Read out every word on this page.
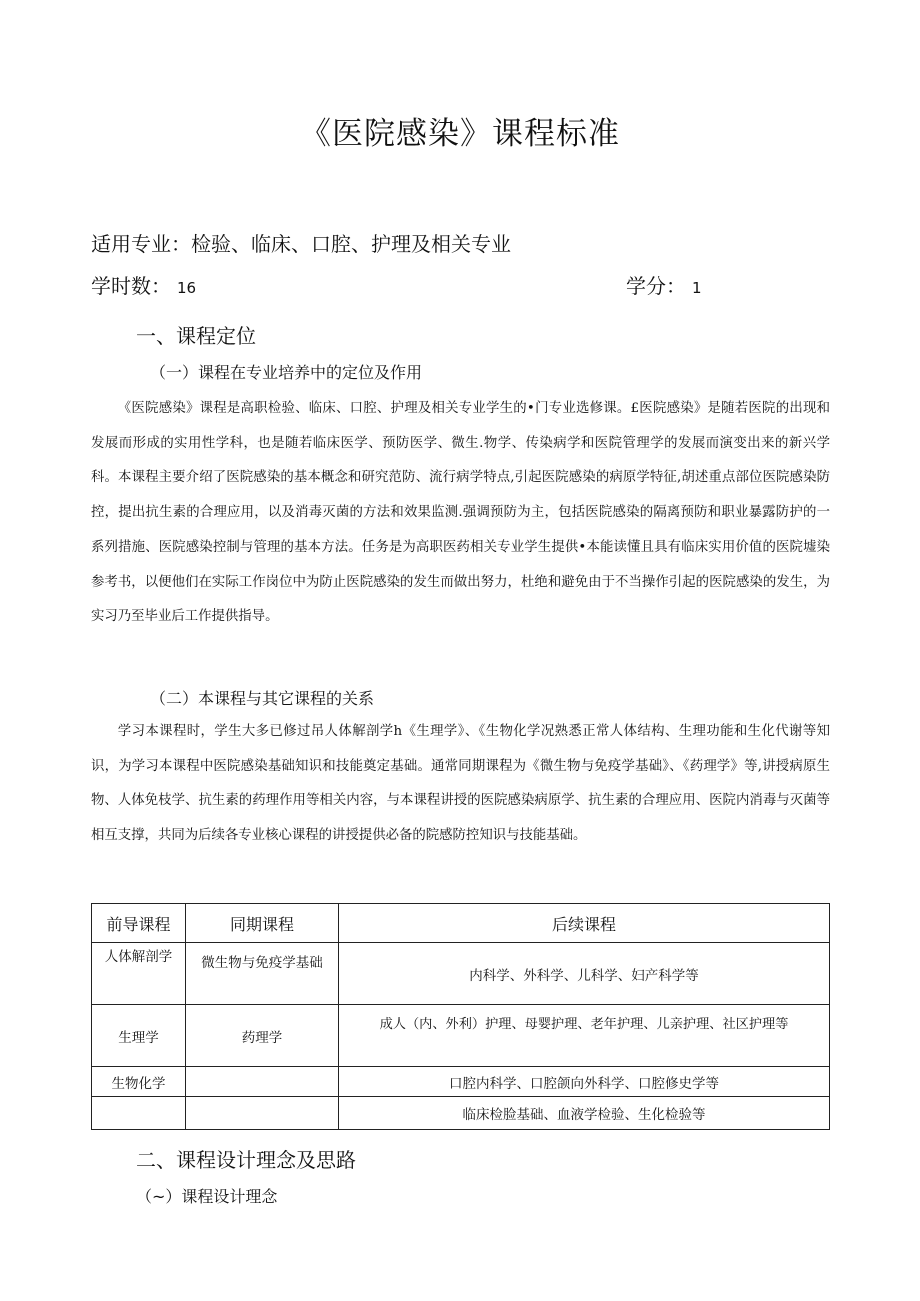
《医院感染》课程标准
适用专业：检验、临床、口腔、护理及相关专业
学时数： 16	学分： 1
一、课程定位
（一）课程在专业培养中的定位及作用
《医院感染》课程是高职检验、临床、口腔、护理及相关专业学生的•门专业选修课。£医院感染》是随若医院的出现和发展而形成的实用性学科，也是随若临床医学、预防医学、微生.物学、传染病学和医院管理学的发展而演变出来的新兴学科。本课程主要介绍了医院感染的基本概念和研究范防、流行病学特点,引起医院感染的病原学特征,胡述重点部位医院感染防控，提出抗生素的合理应用，以及消毒灭菌的方法和效果监测.强调预防为主，包括医院感染的隔离预防和职业暴露防护的一系列措施、医院感染控制与管理的基本方法。任务是为高职医药相关专业学生提供•本能读懂且具有临床实用价值的医院墟染参考书，以便他们在实际工作岗位中为防止医院感染的发生而做出努力，杜绝和避免由于不当操作引起的医院感染的发生，为实习乃至毕业后工作提供指导。
（二）本课程与其它课程的关系
学习本课程时，学生大多已修过吊人体解剖学h《生理学》、《生物化学况熟悉正常人体结构、生理功能和生化代谢等知识，为学习本课程中医院感染基础知识和技能奠定基础。通常同期课程为《微生物与免疫学基础》、《药理学》等,讲授病原生物、人体免枝学、抗生素的药理作用等相关内容，与本课程讲授的医院感染病原学、抗生素的合理应用、医院内消毒与灭菌等相互支撑，共同为后续各专业核心课程的讲授提供必备的院感防控知识与技能基础。
前导课程	同期课程	后续课程
人体解剖学	微生物与免疫学基础	内科学、外科学、儿科学、妇产科学等
生理学	药理学	成人（内、外利）护理、母婴护理、老年护理、儿亲护理、社区护理等
生物化学		口腔内科学、口腔颌向外科学、口腔修史学等
		临床检脸基础、血液学检验、生化检验等
二、课程设计理念及思路
（~）课程设计理念
